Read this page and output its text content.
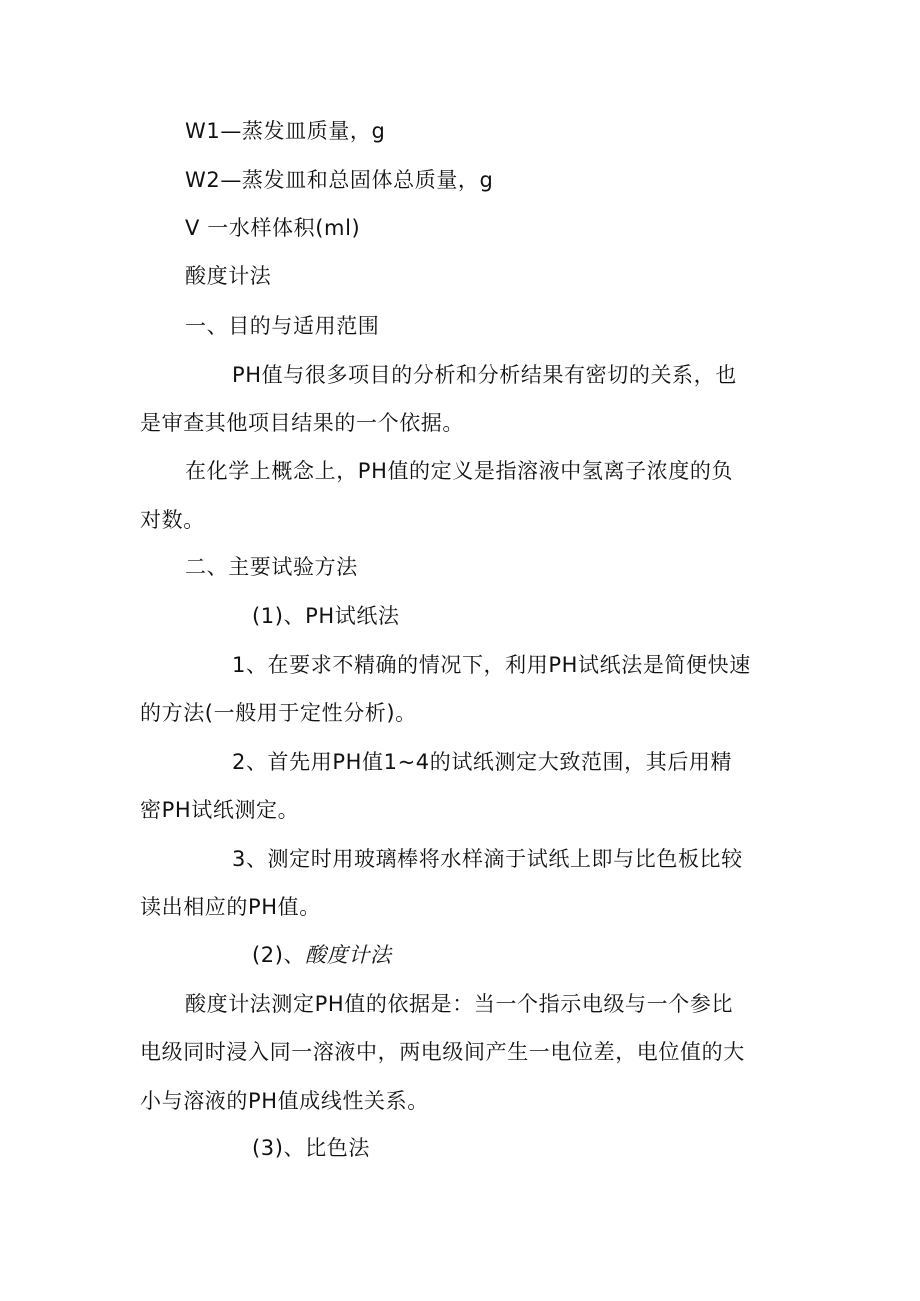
W1—蒸发皿质量，g
W2—蒸发皿和总固体总质量，g
V 一水样体积(ml)
酸度计法
一、目的与适用范围
PH值与很多项目的分析和分析结果有密切的关系，也
是审查其他项目结果的一个依据。
在化学上概念上，PH值的定义是指溶液中氢离子浓度的负
对数。
二、主要试验方法
(1)、PH试纸法
1、在要求不精确的情况下，利用PH试纸法是简便快速
的方法(一般用于定性分析)。
2、首先用PH值1~4的试纸测定大致范围，其后用精
密PH试纸测定。
3、测定时用玻璃棒将水样滴于试纸上即与比色板比较
读出相应的PH值。
(2)、酸度计法
酸度计法测定PH值的依据是：当一个指示电级与一个参比
电级同时浸入同一溶液中，两电级间产生一电位差，电位值的大
小与溶液的PH值成线性关系。
(3)、比色法
